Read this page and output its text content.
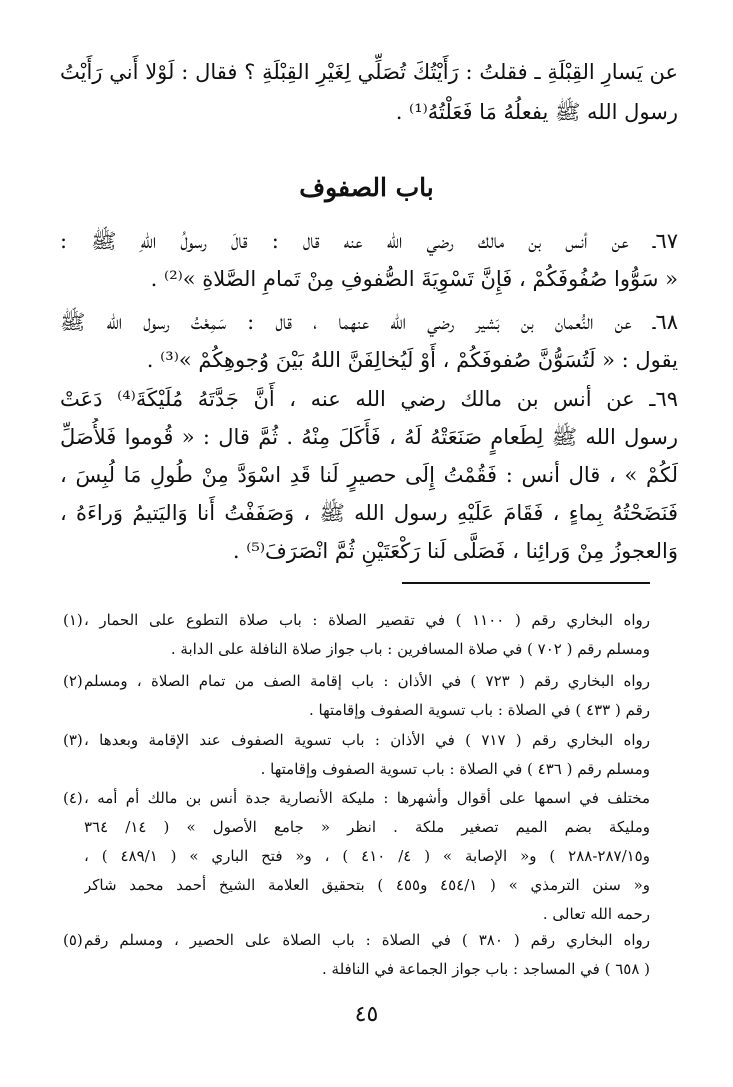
عن يَسارِ القِبْلَةِ ـ فقلتُ : رَأَيْتُكَ تُصَلِّي لِغَيْرِ القِبْلَةِ ؟ فقال : لَوْلا أَني رَأَيْتُ
رسول الله ﷺ يفعلُهُ مَا فَعَلْتُهُ⁽¹⁾ .
باب الصفوف
٦٧ـ عن أنس بن مالك رضي الله عنه قال : قالَ رسولُ اللهِ ﷺ :
« سَوُّوا صُفُوفَكُمْ ، فَإِنَّ تَسْوِيَةَ الصُّفوفِ مِنْ تَمامِ الصَّلاةِ »⁽²⁾ .
٦٨ـ عن النُّعمان بن بَشير رضي الله عنهما ، قال : سَمِعْتُ رسول الله ﷺ
يقول : « لَتُسَوُّنَّ صُفوفَكُمْ ، أَوْ لَيُخالِفَنَّ اللهُ بَيْنَ وُجوهِكُمْ »⁽³⁾ .
٦٩ـ عن أنس بن مالك رضي الله عنه ، أَنَّ جَدَّتَهُ مُلَيْكَةَ⁽⁴⁾ دَعَتْ
رسول الله ﷺ لِطَعامٍ صَنَعَتْهُ لَهُ ، فَأَكَلَ مِنْهُ . ثُمَّ قال : « قُوموا فَلأُصَلِّ
لَكُمْ » ، قال أنس : فَقُمْتُ إِلَى حصيرٍ لَنا قَدِ اسْوَدَّ مِنْ طُولِ مَا لُبِسَ ،
فَنَضَحْتُهُ بِماءٍ ، فَقَامَ عَلَيْهِ رسول الله ﷺ ، وَصَفَفْتُ أَنا وَاليَتيمُ وَراءَهُ ،
وَالعجوزُ مِنْ وَرائِنا ، فَصَلَّى لَنا رَكْعَتَيْنِ ثُمَّ انْصَرَفَ⁽⁵⁾ .
(١) رواه البخاري رقم ( ١١٠٠ ) في تقصير الصلاة : باب صلاة التطوع على الحمار ،
ومسلم رقم ( ٧٠٢ ) في صلاة المسافرين : باب جواز صلاة النافلة على الدابة .
(٢) رواه البخاري رقم ( ٧٢٣ ) في الأذان : باب إقامة الصف من تمام الصلاة ، ومسلم
رقم ( ٤٣٣ ) في الصلاة : باب تسوية الصفوف وإقامتها .
(٣) رواه البخاري رقم ( ٧١٧ ) في الأذان : باب تسوية الصفوف عند الإقامة وبعدها ،
ومسلم رقم ( ٤٣٦ ) في الصلاة : باب تسوية الصفوف وإقامتها .
(٤) مختلف في اسمها على أقوال وأشهرها : مليكة الأنصارية جدة أنس بن مالك أم أمه ،
ومليكة بضم الميم تصغير ملكة . انظر « جامع الأصول » ( ١٤/ ٣٦٤
و٢٨٧/١٥-٢٨٨ ) و« الإصابة » ( ٤/ ٤١٠ ) ، و« فتح الباري » ( ٤٨٩/١ ) ،
و« سنن الترمذي » ( ٤٥٤/١ و٤٥٥ ) بتحقيق العلامة الشيخ أحمد محمد شاكر
رحمه الله تعالى .
(٥) رواه البخاري رقم ( ٣٨٠ ) في الصلاة : باب الصلاة على الحصير ، ومسلم رقم
( ٦٥٨ ) في المساجد : باب جواز الجماعة في النافلة .
٤٥
